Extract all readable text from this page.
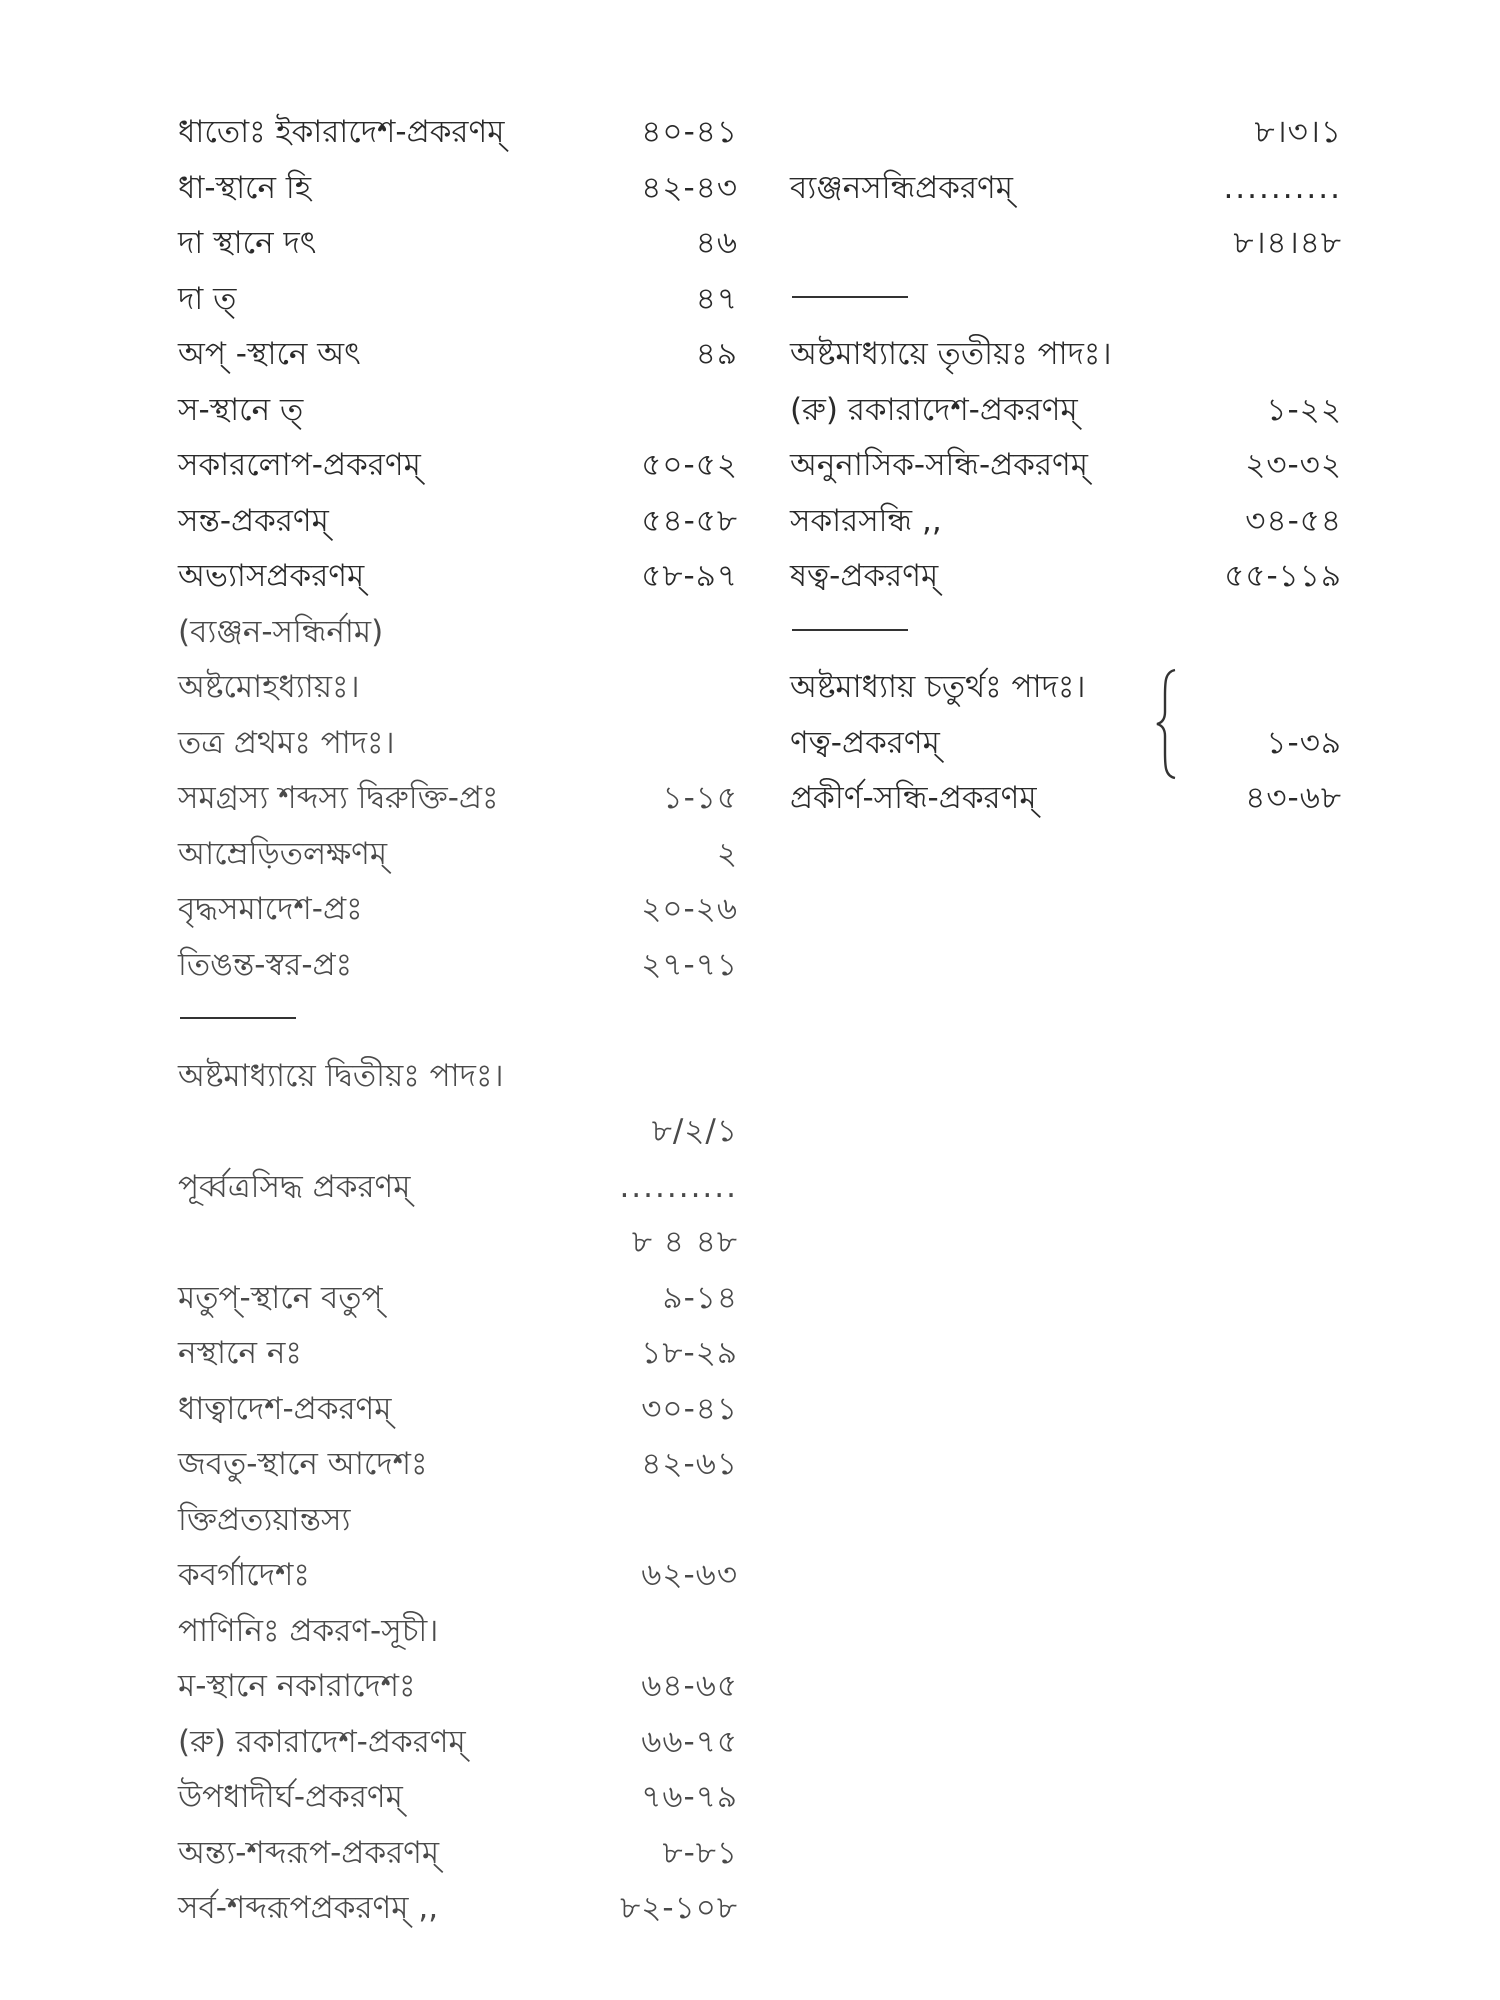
ধাতোঃ ইকারাদেশ-প্রকরণম্	৪০-৪১
ধা-স্থানে হি	৪২-৪৩
দা স্থানে দৎ	৪৬
দা ত্	৪৭
অপ্ -স্থানে অৎ	৪৯
স-স্থানে ত্
সকারলোপ-প্রকরণম্	৫০-৫২
সন্ত-প্রকরণম্	৫৪-৫৮
অভ্যাসপ্রকরণম্	৫৮-৯৭
(ব্যঞ্জন-সন্ধির্নাম)
অষ্টমোহধ্যায়ঃ।
তত্র প্রথমঃ পাদঃ।
সমগ্রস্য শব্দস্য দ্বিরুক্তি-প্রঃ	১-১৫
আম্রেড়িতলক্ষণম্	২
বৃদ্ধসমাদেশ-প্রঃ	২০-২৬
তিঙন্ত-স্বর-প্রঃ	২৭-৭১
অষ্টমাধ্যায়ে দ্বিতীয়ঃ পাদঃ।
৮/২/১
পূর্ব্বত্রসিদ্ধ প্রকরণম্	..........
৮ ৪ ৪৮
মতুপ্-স্থানে বতুপ্	৯-১৪
নস্থানে নঃ	১৮-২৯
ধাত্বাদেশ-প্রকরণম্	৩০-৪১
জবতু-স্থানে আদেশঃ	৪২-৬১
ক্তিপ্রত্যয়ান্তস্য
কবর্গাদেশঃ	৬২-৬৩
পাণিনিঃ প্রকরণ-সূচী।
ম-স্থানে নকারাদেশঃ	৬৪-৬৫
(রু) রকারাদেশ-প্রকরণম্	৬৬-৭৫
উপধাদীর্ঘ-প্রকরণম্	৭৬-৭৯
অন্ত্য-শব্দরূপ-প্রকরণম্	৮-৮১
সর্ব-শব্দরূপপ্রকরণম্ ,,	৮২-১০৮
৮।৩।১
ব্যঞ্জনসন্ধিপ্রকরণম্	..........
৮।৪।৪৮
অষ্টমাধ্যায়ে তৃতীয়ঃ পাদঃ।
(রু) রকারাদেশ-প্রকরণম্	১-২২
অনুনাসিক-সন্ধি-প্রকরণম্	২৩-৩২
সকারসন্ধি ,,	৩৪-৫৪
ষত্ব-প্রকরণম্	৫৫-১১৯
অষ্টমাধ্যায় চতুর্থঃ পাদঃ।
ণত্ব-প্রকরণম্	১-৩৯
প্রকীর্ণ-সন্ধি-প্রকরণম্	৪৩-৬৮
